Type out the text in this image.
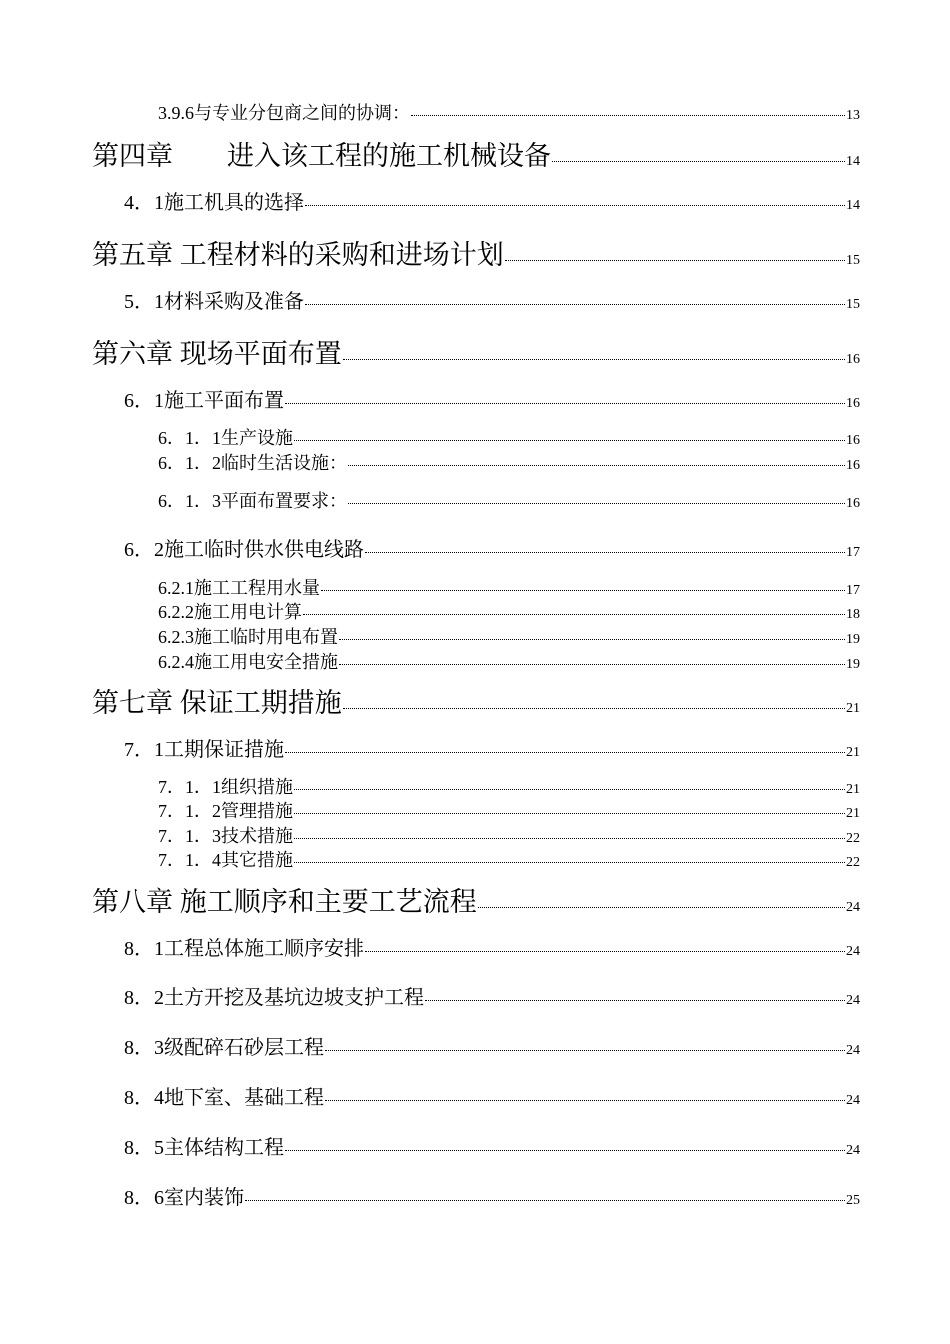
3.9.6与专业分包商之间的协调：	13
第四章　　进入该工程的施工机械设备	14
4．1施工机具的选择	14
第五章 工程材料的采购和进场计划	15
5．1材料采购及准备	15
第六章 现场平面布置	16
6．1施工平面布置	16
6．1．1生产设施	16
6．1．2临时生活设施：	16
6．1．3平面布置要求：	16
6．2施工临时供水供电线路	17
6.2.1施工工程用水量	17
6.2.2施工用电计算	18
6.2.3施工临时用电布置	19
6.2.4施工用电安全措施	19
第七章 保证工期措施	21
7．1工期保证措施	21
7．1．1组织措施	21
7．1．2管理措施	21
7．1．3技术措施	22
7．1．4其它措施	22
第八章 施工顺序和主要工艺流程	24
8．1工程总体施工顺序安排	24
8．2土方开挖及基坑边坡支护工程	24
8．3级配碎石砂层工程	24
8．4地下室、基础工程	24
8．5主体结构工程	24
8．6室内装饰	25
